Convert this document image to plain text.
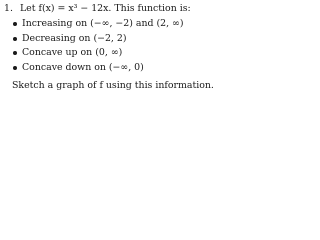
1. Let f(x) = x³ − 12x. This function is:
Increasing on (−∞, −2) and (2, ∞)
Decreasing on (−2, 2)
Concave up on (0, ∞)
Concave down on (−∞, 0)
Sketch a graph of f using this information.
